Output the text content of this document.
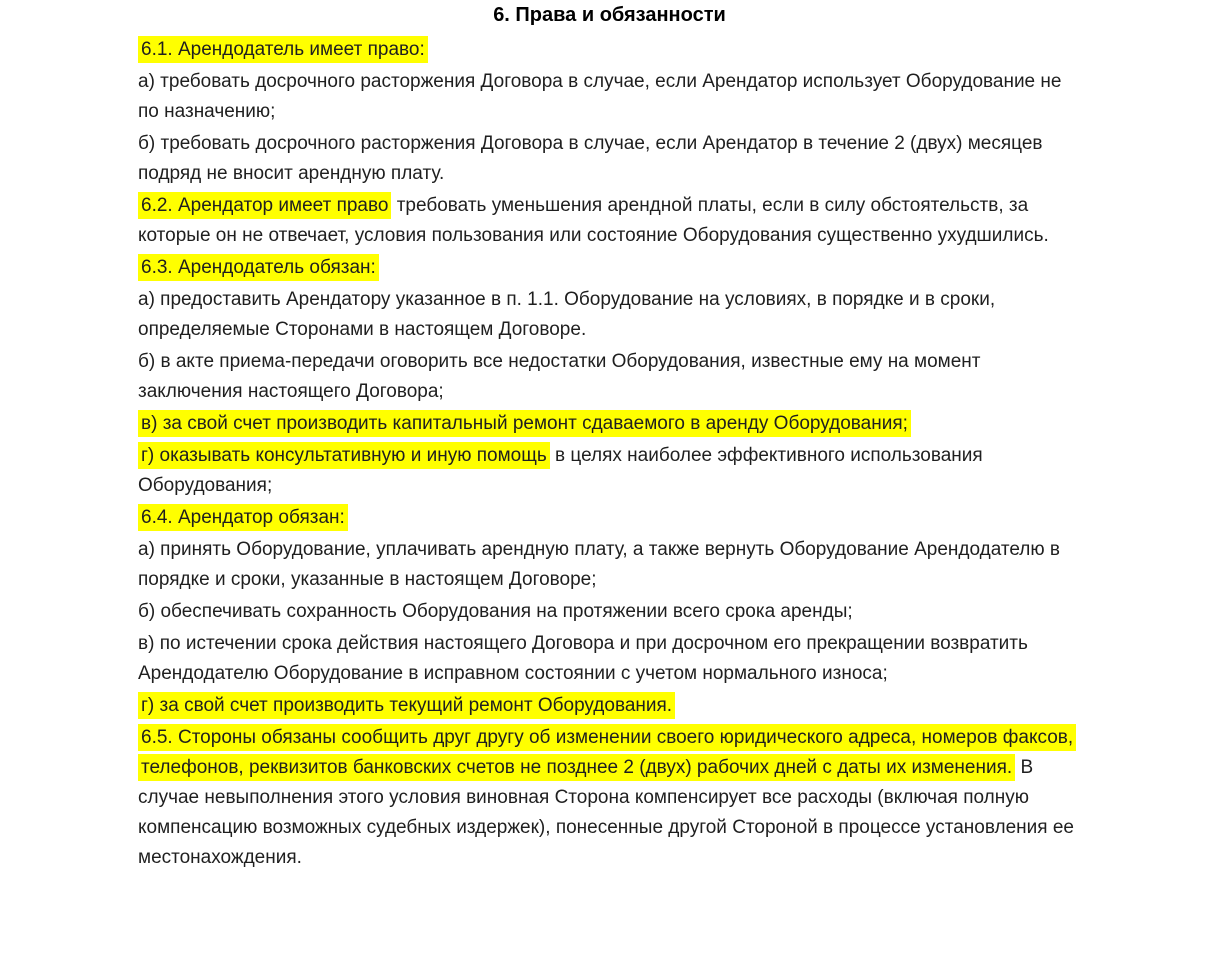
6. Права и обязанности

6.1. Арендодатель имеет право:

а) требовать досрочного расторжения Договора в случае, если Арендатор использует Оборудование не по назначению;

б) требовать досрочного расторжения Договора в случае, если Арендатор в течение 2 (двух) месяцев подряд не вносит арендную плату.

6.2. Арендатор имеет право требовать уменьшения арендной платы, если в силу обстоятельств, за которые он не отвечает, условия пользования или состояние Оборудования существенно ухудшились.

6.3. Арендодатель обязан:

а) предоставить Арендатору указанное в п. 1.1. Оборудование на условиях, в порядке и в сроки, определяемые Сторонами в настоящем Договоре.

б) в акте приема-передачи оговорить все недостатки Оборудования, известные ему на момент заключения настоящего Договора;

в) за свой счет производить капитальный ремонт сдаваемого в аренду Оборудования;

г) оказывать консультативную и иную помощь в целях наиболее эффективного использования Оборудования;

6.4. Арендатор обязан:

а) принять Оборудование, уплачивать арендную плату, а также вернуть Оборудование Арендодателю в порядке и сроки, указанные в настоящем Договоре;

б) обеспечивать сохранность Оборудования на протяжении всего срока аренды;

в) по истечении срока действия настоящего Договора и при досрочном его прекращении возвратить Арендодателю Оборудование в исправном состоянии с учетом нормального износа;

г) за свой счет производить текущий ремонт Оборудования.

6.5. Стороны обязаны сообщить друг другу об изменении своего юридического адреса, номеров факсов, телефонов, реквизитов банковских счетов не позднее 2 (двух) рабочих дней с даты их изменения. В случае невыполнения этого условия виновная Сторона компенсирует все расходы (включая полную компенсацию возможных судебных издержек), понесенные другой Стороной в процессе установления ее местонахождения.
